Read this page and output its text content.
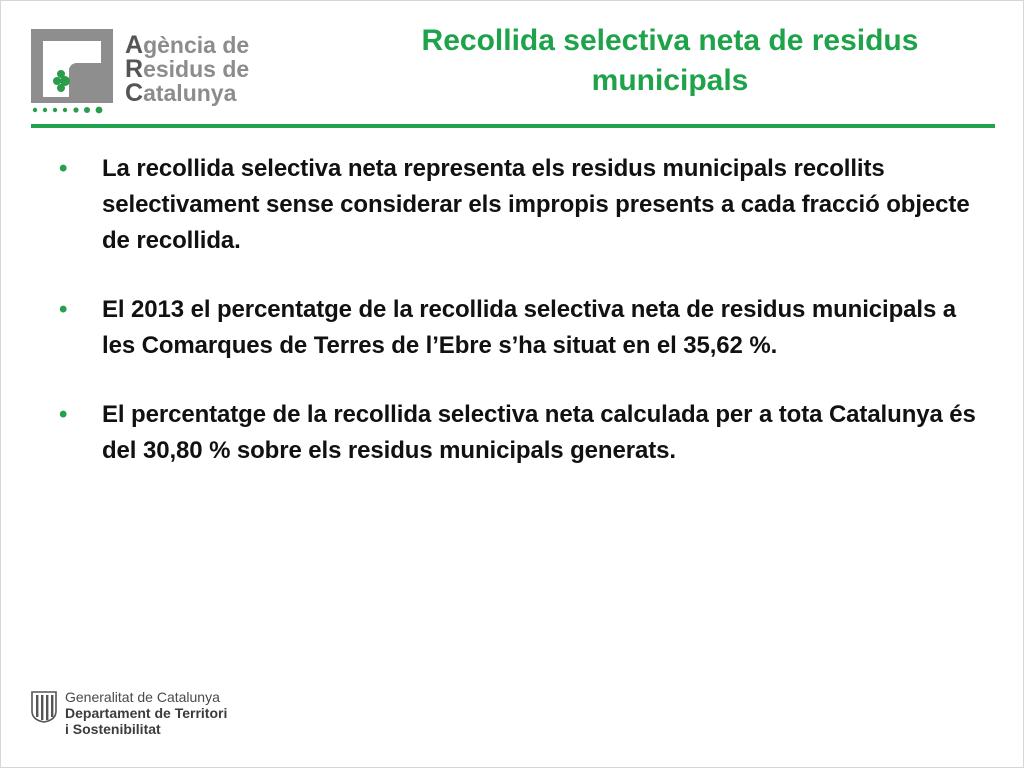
Agència de
Residus de
Catalunya
Recollida selectiva neta de residus municipals
• La recollida selectiva neta representa els residus municipals recollits selectivament sense considerar els impropis presents a cada fracció objecte de recollida.
• El 2013 el percentatge de la recollida selectiva neta de residus municipals a les Comarques de Terres de l’Ebre s’ha situat en el 35,62 %.
• El percentatge de la recollida selectiva neta calculada per a tota Catalunya és del 30,80 % sobre els residus municipals generats.
Generalitat de Catalunya
Departament de Territori
i Sostenibilitat
